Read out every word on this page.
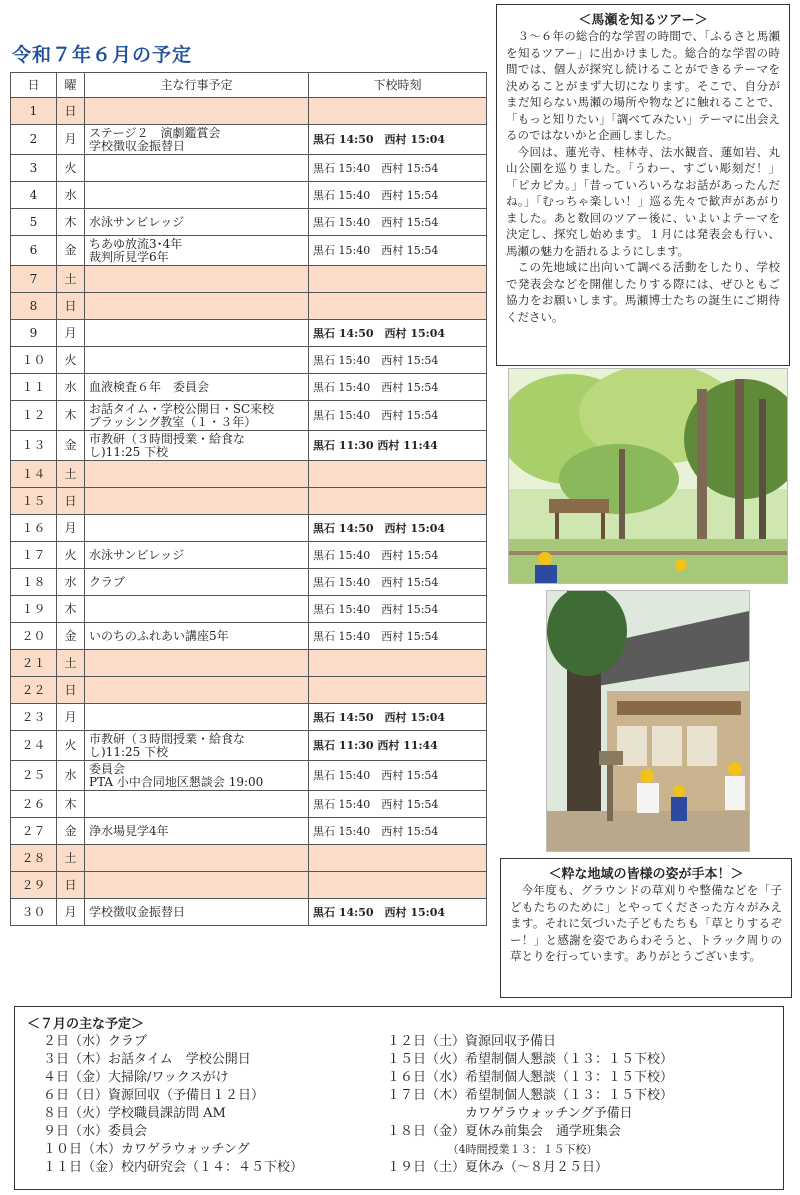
令和７年６月の予定
日	曜	主な行事予定	下校時刻
1	日		
2	月	ステージ２　演劇鑑賞会
学校徴収金振替日	黒石 14:50　西村 15:04
3	火		黒石 15:40　西村 15:54
4	水		黒石 15:40　西村 15:54
5	木	水泳サンビレッジ	黒石 15:40　西村 15:54
6	金	ちあゆ放流3･4年
裁判所見学6年	黒石 15:40　西村 15:54
7	土		
8	日		
9	月		黒石 14:50　西村 15:04
１０	火		黒石 15:40　西村 15:54
１１	水	血液検査６年　委員会	黒石 15:40　西村 15:54
１２	木	お話タイム・学校公開日・SC来校
ブラッシング教室（１・３年）	黒石 15:40　西村 15:54
１３	金	市教研（３時間授業・給食な
し)11:25 下校	黒石 11:30 西村 11:44
１４	土		
１５	日		
１６	月		黒石 14:50　西村 15:04
１７	火	水泳サンビレッジ	黒石 15:40　西村 15:54
１８	水	クラブ	黒石 15:40　西村 15:54
１９	木		黒石 15:40　西村 15:54
２０	金	いのちのふれあい講座5年	黒石 15:40　西村 15:54
２１	土		
２２	日		
２３	月		黒石 14:50　西村 15:04
２４	火	市教研（３時間授業・給食な
し)11:25 下校	黒石 11:30 西村 11:44
２５	水	委員会
PTA 小中合同地区懇談会 19:00	黒石 15:40　西村 15:54
２６	木		黒石 15:40　西村 15:54
２７	金	浄水場見学4年	黒石 15:40　西村 15:54
２８	土		
２９	日		
３０	月	学校徴収金振替日	黒石 14:50　西村 15:04
＜馬瀬を知るツアー＞

３～６年の総合的な学習の時間で、「ふるさと馬瀬を知るツアー」に出かけました。総合的な学習の時間では、個人が探究し続けることができるテーマを決めることがまず大切になります。そこで、自分がまだ知らない馬瀬の場所や物などに触れることで、「もっと知りたい」「調べてみたい」テーマに出会えるのではないかと企画しました。

今回は、蓮光寺、桂林寺、法水観音、蓮如岩、丸山公園を巡りました。「うわー、すごい彫刻だ！」「ピカピカ。」「昔っていろいろなお話があったんだね。」「むっちゃ楽しい！」巡る先々で歓声があがりました。あと数回のツアー後に、いよいよテーマを決定し、探究し始めます。１月には発表会も行い、馬瀬の魅力を語れるようにします。

この先地域に出向いて調べる活動をしたり、学校で発表会などを開催したりする際には、ぜひともご協力をお願いします。馬瀬博士たちの誕生にご期待ください。

＜粋な地域の皆様の姿が手本！＞

今年度も、グラウンドの草刈りや整備などを「子どもたちのために」とやってくださった方々がみえます。それに気づいた子どもたちも「草とりするぞー！」と感謝を姿であらわそうと、トラック周りの草とりを行っています。ありがとうございます。

＜７月の主な予定＞
２日（水）クラブ
３日（木）お話タイム　学校公開日
４日（金）大掃除/ワックスがけ
６日（日）資源回収（予備日１２日）
８日（火）学校職員課訪問 AM
９日（水）委員会
１０日（木）カワゲラウォッチング
１１日（金）校内研究会（１４：４５下校）
１２日（土）資源回収予備日
１５日（火）希望制個人懇談（１３：１５下校）
１６日（水）希望制個人懇談（１３：１５下校）
１７日（木）希望制個人懇談（１３：１５下校）
　　　　　　カワゲラウォッチング予備日
１８日（金）夏休み前集会　通学班集会
　　　　　　（4時間授業１３：１５下校）
１９日（土）夏休み（～８月２５日）
